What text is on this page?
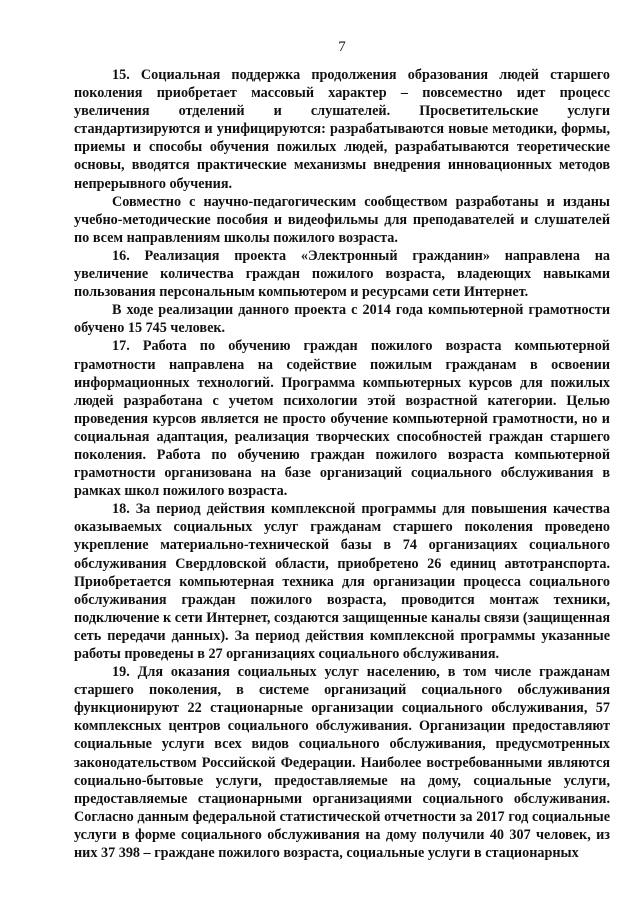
7

15. Социальная поддержка продолжения образования людей старшего поколения приобретает массовый характер – повсеместно идет процесс увеличения отделений и слушателей. Просветительские услуги стандартизируются и унифицируются: разрабатываются новые методики, формы, приемы и способы обучения пожилых людей, разрабатываются теоретические основы, вводятся практические механизмы внедрения инновационных методов непрерывного обучения.

Совместно с научно-педагогическим сообществом разработаны и изданы учебно-методические пособия и видеофильмы для преподавателей и слушателей по всем направлениям школы пожилого возраста.

16. Реализация проекта «Электронный гражданин» направлена на увеличение количества граждан пожилого возраста, владеющих навыками пользования персональным компьютером и ресурсами сети Интернет.

В ходе реализации данного проекта с 2014 года компьютерной грамотности обучено 15 745 человек.

17. Работа по обучению граждан пожилого возраста компьютерной грамотности направлена на содействие пожилым гражданам в освоении информационных технологий. Программа компьютерных курсов для пожилых людей разработана с учетом психологии этой возрастной категории. Целью проведения курсов является не просто обучение компьютерной грамотности, но и социальная адаптация, реализация творческих способностей граждан старшего поколения. Работа по обучению граждан пожилого возраста компьютерной грамотности организована на базе организаций социального обслуживания в рамках школ пожилого возраста.

18. За период действия комплексной программы для повышения качества оказываемых социальных услуг гражданам старшего поколения проведено укрепление материально-технической базы в 74 организациях социального обслуживания Свердловской области, приобретено 26 единиц автотранспорта. Приобретается компьютерная техника для организации процесса социального обслуживания граждан пожилого возраста, проводится монтаж техники, подключение к сети Интернет, создаются защищенные каналы связи (защищенная сеть передачи данных). За период действия комплексной программы указанные работы проведены в 27 организациях социального обслуживания.

19. Для оказания социальных услуг населению, в том числе гражданам старшего поколения, в системе организаций социального обслуживания функционируют 22 стационарные организации социального обслуживания, 57 комплексных центров социального обслуживания. Организации предоставляют социальные услуги всех видов социального обслуживания, предусмотренных законодательством Российской Федерации. Наиболее востребованными являются социально-бытовые услуги, предоставляемые на дому, социальные услуги, предоставляемые стационарными организациями социального обслуживания. Согласно данным федеральной статистической отчетности за 2017 год социальные услуги в форме социального обслуживания на дому получили 40 307 человек, из них 37 398 – граждане пожилого возраста, социальные услуги в стационарных
